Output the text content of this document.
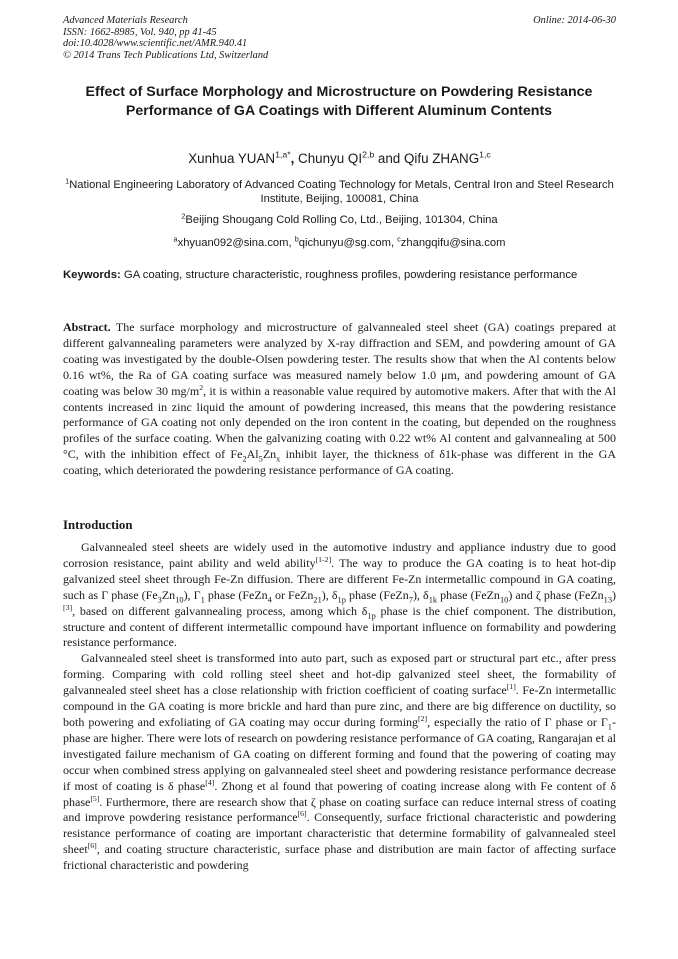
Advanced Materials Research
ISSN: 1662-8985, Vol. 940, pp 41-45
doi:10.4028/www.scientific.net/AMR.940.41
© 2014 Trans Tech Publications Ltd, Switzerland
Online: 2014-06-30
Effect of Surface Morphology and Microstructure on Powdering Resistance Performance of GA Coatings with Different Aluminum Contents
Xunhua $YUAN^{1,a*}$, Chunyu QI$^{2,b}$ and Qifu ZHANG$^{1,c}$
$^1$National Engineering Laboratory of Advanced Coating Technology for Metals, Central Iron and Steel Research Institute, Beijing, 100081, China
$^2$Beijing Shougang Cold Rolling Co, Ltd., Beijing, 101304, China
$^a$xhyuan092@sina.com, $^b$qichunyu@sg.com, $^c$zhangqifu@sina.com
Keywords: GA coating, structure characteristic, roughness profiles, powdering resistance performance
Abstract. The surface morphology and microstructure of galvannealed steel sheet (GA) coatings prepared at different galvannealing parameters were analyzed by X-ray diffraction and SEM, and powdering amount of GA coating was investigated by the double-Olsen powdering tester. The results show that when the Al contents below 0.16 wt%, the Ra of GA coating surface was measured namely below 1.0 μm, and powdering amount of GA coating was below 30 $mg/m^2$, it is within a reasonable value required by automotive makers. After that with the Al contents increased in zinc liquid the amount of powdering increased, this means that the powdering resistance performance of GA coating not only depended on the iron content in the coating, but depended on the roughness profiles of the surface coating. When the galvanizing coating with 0.22 wt% Al content and galvannealing at 500 °C, with the inhibition effect of $Fe_2Al_5Zn_x$ inhibit layer, the thickness of δ1k-phase was different in the GA coating, which deteriorated the powdering resistance performance of GA coating.
Introduction

Galvannealed steel sheets are widely used in the automotive industry and appliance industry due to good corrosion resistance, paint ability and weld ability[1-2]. The way to produce the GA coating is to heat hot-dip galvanized steel sheet through Fe-Zn diffusion. There are different Fe-Zn intermetallic compound in GA coating, such as Γ phase $(Fe_3Zn_{10})$, $\Gamma_1$ phase (FeZn$_4$ or FeZn$_{21}$), $\delta_{1p}$ phase (FeZn$_7$), $\delta_{1k}$ phase (FeZn$_{10}$) and ζ phase (FeZn$_{13}$)[3], based on different galvannealing process, among which $\delta_{1p}$ phase is the chief component. The distribution, structure and content of different intermetallic compound have important influence on formability and powdering resistance performance.

Galvannealed steel sheet is transformed into auto part, such as exposed part or structural part etc., after press forming. Comparing with cold rolling steel sheet and hot-dip galvanized steel sheet, the formability of galvannealed steel sheet has a close relationship with friction coefficient of coating surface[1]. Fe-Zn intermetallic compound in the GA coating is more brickle and hard than pure zinc, and there are big difference on ductility, so both powering and exfoliating of GA coating may occur during forming[2], especially the ratio of Γ phase or $\Gamma_1$-phase are higher. There were lots of research on powdering resistance performance of GA coating, Rangarajan et al investigated failure mechanism of GA coating on different forming and found that the powering of coating may occur when combined stress applying on galvannealed steel sheet and powdering resistance performance decrease if most of coating is δ phase[4]. Zhong et al found that powering of coating increase along with Fe content of δ phase[5]. Furthermore, there are research show that ζ phase on coating surface can reduce internal stress of coating and improve powdering resistance performance[6]. Consequently, surface frictional characteristic and powdering resistance performance of coating are important characteristic that determine formability of galvannealed steel sheet[6], and coating structure characteristic, surface phase and distribution are main factor of affecting surface frictional characteristic and powdering
